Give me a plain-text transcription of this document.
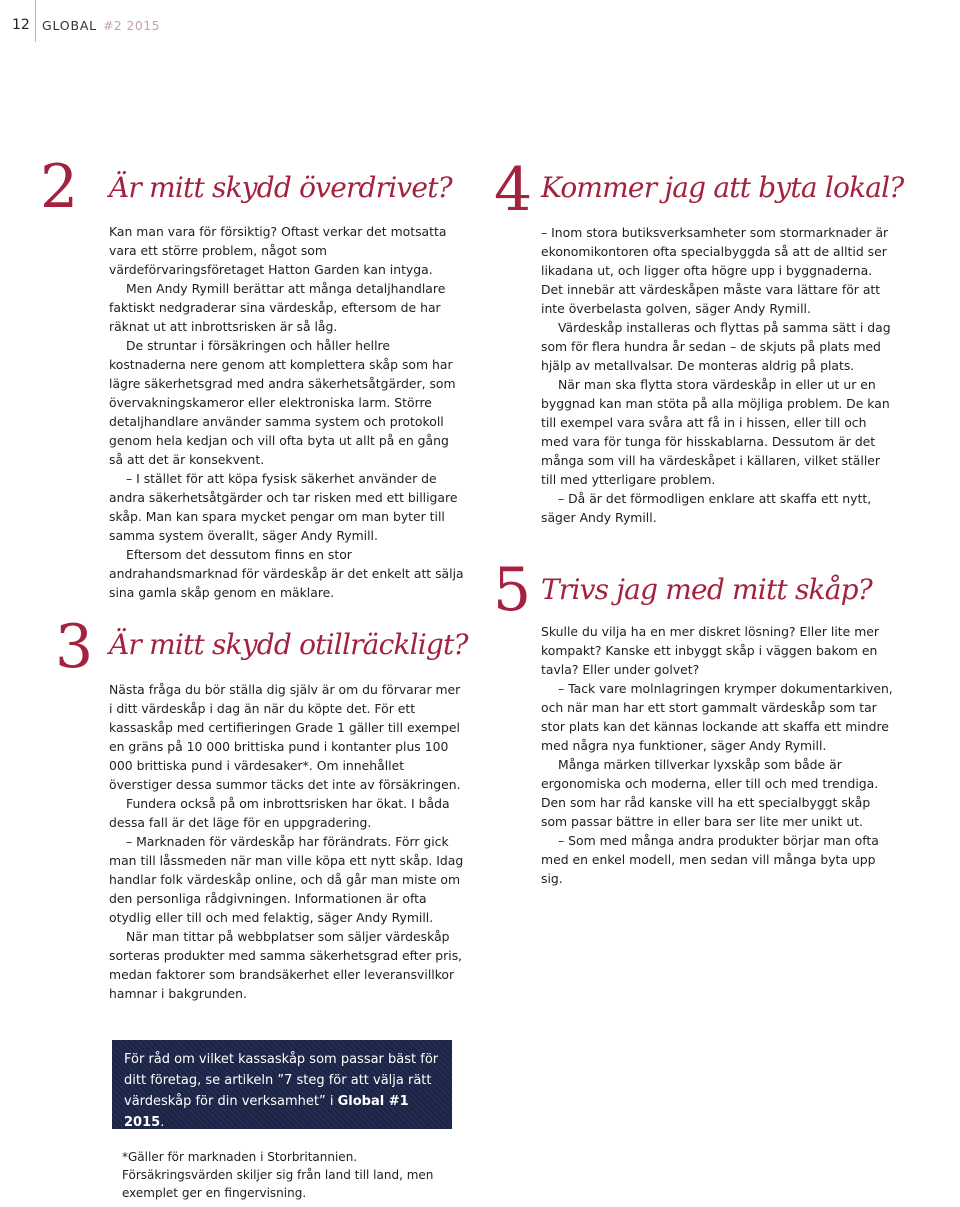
12 GLOBAL #2 2015
2 Är mitt skydd överdrivet?

Kan man vara för försiktig? Oftast verkar det motsatta vara ett större problem, något som värdeförvaringsföretaget Hatton Garden kan intyga.

Men Andy Rymill berättar att många detaljhandlare faktiskt nedgraderar sina värdeskåp, eftersom de har räknat ut att inbrottsrisken är så låg.

De struntar i försäkringen och håller hellre kostnaderna nere genom att komplettera skåp som har lägre säkerhetsgrad med andra säkerhetsåtgärder, som övervakningskameror eller elektroniska larm. Större detaljhandlare använder samma system och protokoll genom hela kedjan och vill ofta byta ut allt på en gång så att det är konsekvent.

– I stället för att köpa fysisk säkerhet använder de andra säkerhetsåtgärder och tar risken med ett billigare skåp. Man kan spara mycket pengar om man byter till samma system överallt, säger Andy Rymill.

Eftersom det dessutom finns en stor andrahandsmarknad för värdeskåp är det enkelt att sälja sina gamla skåp genom en mäklare.

3 Är mitt skydd otillräckligt?

Nästa fråga du bör ställa dig själv är om du förvarar mer i ditt värdeskåp i dag än när du köpte det. För ett kassaskåp med certifieringen Grade 1 gäller till exempel en gräns på 10 000 brittiska pund i kontanter plus 100 000 brittiska pund i värdesaker*. Om innehållet överstiger dessa summor täcks det inte av försäkringen.

Fundera också på om inbrottsrisken har ökat. I båda dessa fall är det läge för en uppgradering.

– Marknaden för värdeskåp har förändrats. Förr gick man till låssmeden när man ville köpa ett nytt skåp. Idag handlar folk värdeskåp online, och då går man miste om den personliga rådgivningen. Informationen är ofta otydlig eller till och med felaktig, säger Andy Rymill.

När man tittar på webbplatser som säljer värdeskåp sorteras produkter med samma säkerhetsgrad efter pris, medan faktorer som brandsäkerhet eller leveransvillkor hamnar i bakgrunden.

4 Kommer jag att byta lokal?

– Inom stora butiksverksamheter som stormarknader är ekonomikontoren ofta specialbyggda så att de alltid ser likadana ut, och ligger ofta högre upp i byggnaderna. Det innebär att värdeskåpen måste vara lättare för att inte överbelasta golven, säger Andy Rymill.

Värdeskåp installeras och flyttas på samma sätt i dag som för flera hundra år sedan – de skjuts på plats med hjälp av metallvalsar. De monteras aldrig på plats.

När man ska flytta stora värdeskåp in eller ut ur en byggnad kan man stöta på alla möjliga problem. De kan till exempel vara svåra att få in i hissen, eller till och med vara för tunga för hisskablarna. Dessutom är det många som vill ha värdeskåpet i källaren, vilket ställer till med ytterligare problem.

– Då är det förmodligen enklare att skaffa ett nytt, säger Andy Rymill.

5 Trivs jag med mitt skåp?

Skulle du vilja ha en mer diskret lösning? Eller lite mer kompakt? Kanske ett inbyggt skåp i väggen bakom en tavla? Eller under golvet?

– Tack vare molnlagringen krymper dokumentarkiven, och när man har ett stort gammalt värdeskåp som tar stor plats kan det kännas lockande att skaffa ett mindre med några nya funktioner, säger Andy Rymill.

Många märken tillverkar lyxskåp som både är ergonomiska och moderna, eller till och med trendiga. Den som har råd kanske vill ha ett specialbyggt skåp som passar bättre in eller bara ser lite mer unikt ut.

– Som med många andra produkter börjar man ofta med en enkel modell, men sedan vill många byta upp sig.

För råd om vilket kassaskåp som passar bäst för ditt företag, se artikeln ”7 steg för att välja rätt värdeskåp för din verksamhet” i Global #1 2015.
*Gäller för marknaden i Storbritannien. Försäkringsvärden skiljer sig från land till land, men exemplet ger en fingervisning.
